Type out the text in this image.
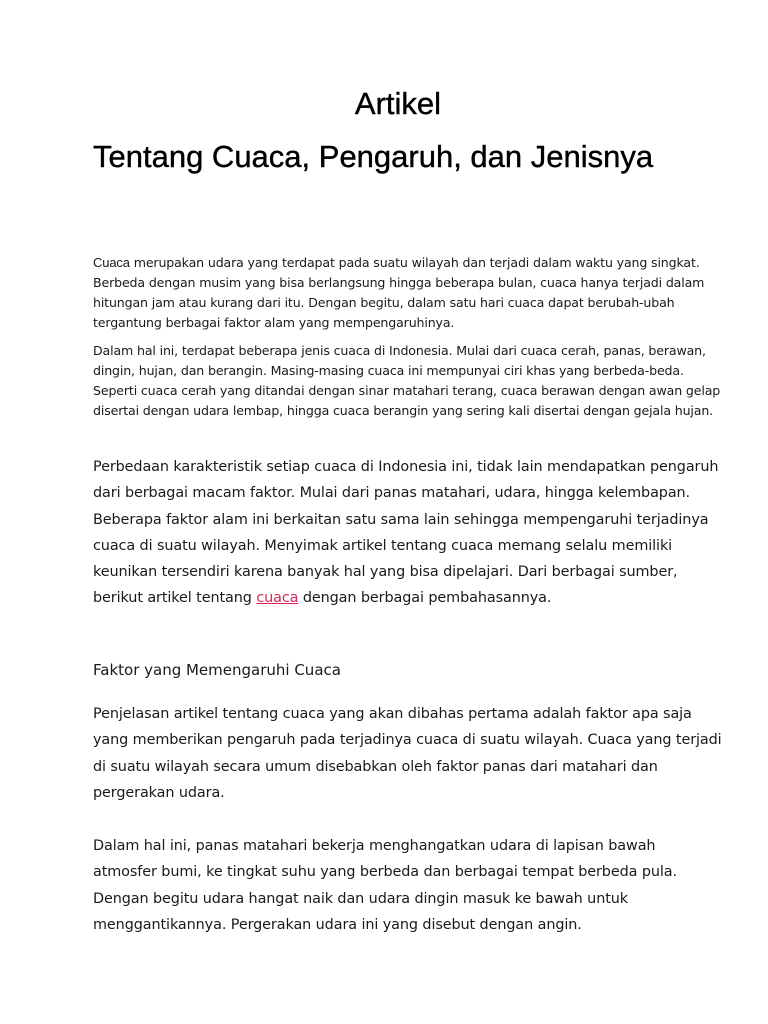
Artikel
Tentang Cuaca, Pengaruh, dan Jenisnya

Cuaca merupakan udara yang terdapat pada suatu wilayah dan terjadi dalam waktu yang singkat. Berbeda dengan musim yang bisa berlangsung hingga beberapa bulan, cuaca hanya terjadi dalam hitungan jam atau kurang dari itu. Dengan begitu, dalam satu hari cuaca dapat berubah-ubah tergantung berbagai faktor alam yang mempengaruhinya.

Dalam hal ini, terdapat beberapa jenis cuaca di Indonesia. Mulai dari cuaca cerah, panas, berawan, dingin, hujan, dan berangin. Masing-masing cuaca ini mempunyai ciri khas yang berbeda-beda. Seperti cuaca cerah yang ditandai dengan sinar matahari terang, cuaca berawan dengan awan gelap disertai dengan udara lembap, hingga cuaca berangin yang sering kali disertai dengan gejala hujan.

Perbedaan karakteristik setiap cuaca di Indonesia ini, tidak lain mendapatkan pengaruh dari berbagai macam faktor. Mulai dari panas matahari, udara, hingga kelembapan. Beberapa faktor alam ini berkaitan satu sama lain sehingga mempengaruhi terjadinya cuaca di suatu wilayah. Menyimak artikel tentang cuaca memang selalu memiliki keunikan tersendiri karena banyak hal yang bisa dipelajari. Dari berbagai sumber, berikut artikel tentang cuaca dengan berbagai pembahasannya.

Faktor yang Memengaruhi Cuaca

Penjelasan artikel tentang cuaca yang akan dibahas pertama adalah faktor apa saja yang memberikan pengaruh pada terjadinya cuaca di suatu wilayah. Cuaca yang terjadi di suatu wilayah secara umum disebabkan oleh faktor panas dari matahari dan pergerakan udara.

Dalam hal ini, panas matahari bekerja menghangatkan udara di lapisan bawah atmosfer bumi, ke tingkat suhu yang berbeda dan berbagai tempat berbeda pula. Dengan begitu udara hangat naik dan udara dingin masuk ke bawah untuk menggantikannya. Pergerakan udara ini yang disebut dengan angin.
